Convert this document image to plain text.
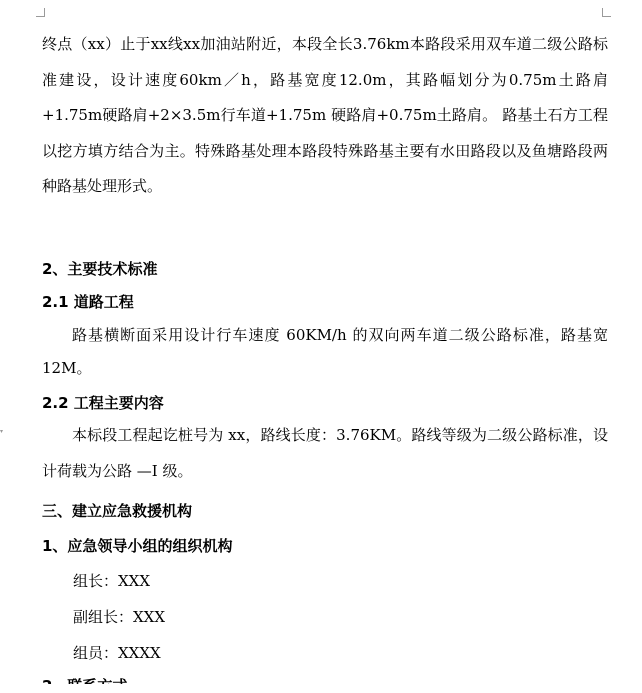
▾
终点（xx）止于xx线xx加油站附近，本段全长3.76km本路段采用双车道二级公路标准建设，设计速度60km／h，路基宽度12.0m，其路幅划分为0.75m土路肩+1.75m硬路肩+2×3.5m行车道+1.75m 硬路肩+0.75m土路肩。 路基土石方工程以挖方填方结合为主。特殊路基处理本路段特殊路基主要有水田路段以及鱼塘路段两种路基处理形式。
2、主要技术标准
2.1 道路工程
路基横断面采用设计行车速度 60KM/h 的双向两车道二级公路标准，路基宽 12M。
2.2 工程主要内容
本标段工程起讫桩号为 xx，路线长度：3.76KM。路线等级为二级公路标准，设计荷载为公路 —I 级。
三、建立应急救援机构
1、应急领导小组的组织机构
组长：XXX
副组长：XXX
组员：XXXX
